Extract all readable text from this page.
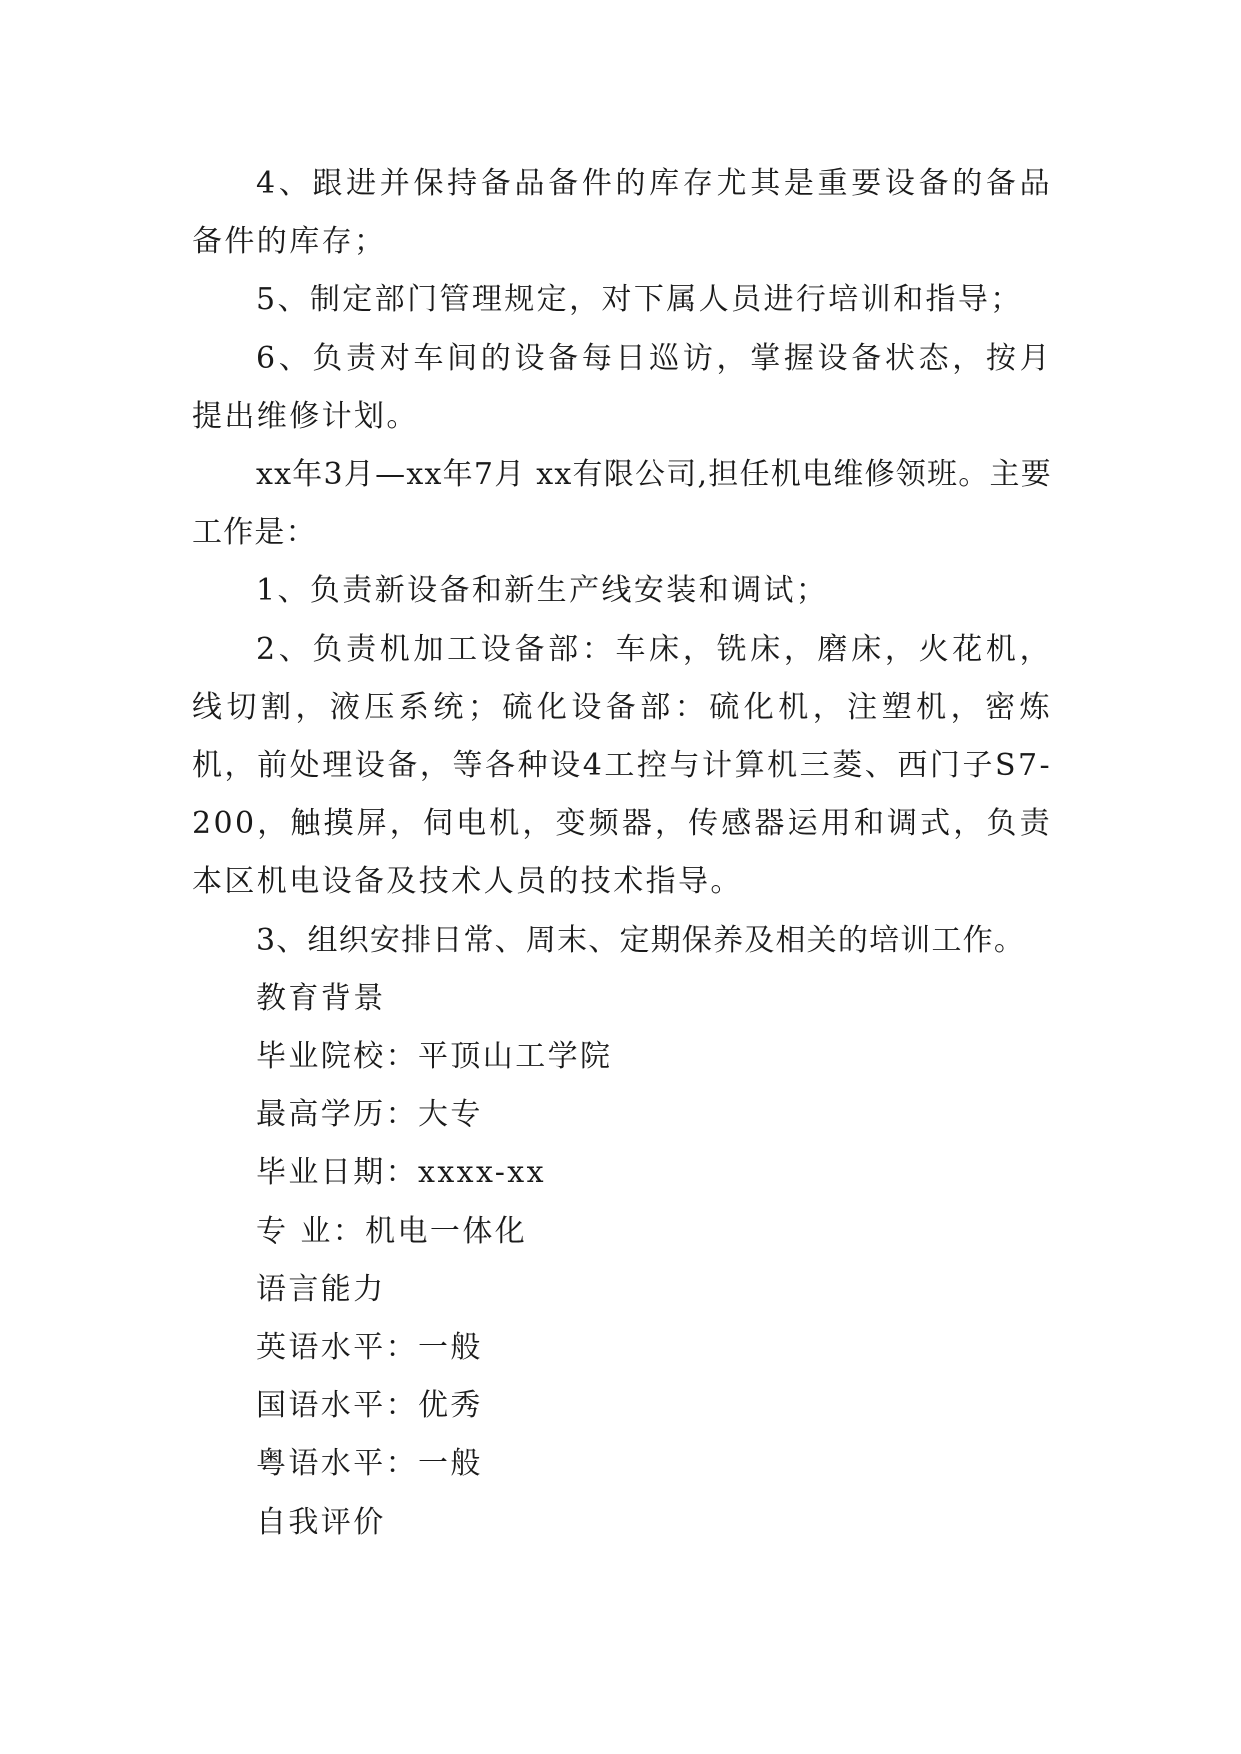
4、跟进并保持备品备件的库存尤其是重要设备的备品备件的库存；

5、制定部门管理规定，对下属人员进行培训和指导；

6、负责对车间的设备每日巡访，掌握设备状态，按月提出维修计划。

xx年3月—xx年7月 xx有限公司,担任机电维修领班。主要工作是：

1、负责新设备和新生产线安装和调试；

2、负责机加工设备部：车床，铣床，磨床，火花机，线切割，液压系统；硫化设备部：硫化机，注塑机，密炼机，前处理设备，等各种设4工控与计算机三菱、西门子S7-200，触摸屏，伺电机，变频器，传感器运用和调式，负责本区机电设备及技术人员的技术指导。

3、组织安排日常、周末、定期保养及相关的培训工作。

教育背景

毕业院校：平顶山工学院

最高学历：大专

毕业日期：xxxx-xx

专 业：机电一体化

语言能力

英语水平：一般

国语水平：优秀

粤语水平：一般

自我评价
